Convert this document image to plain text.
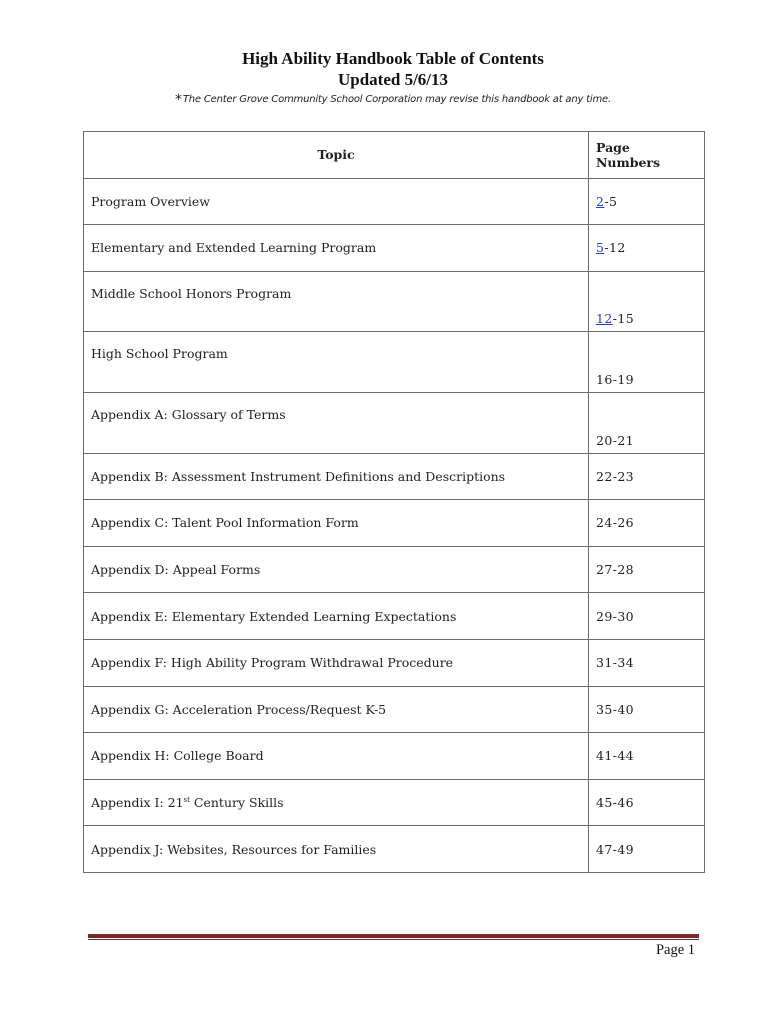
High Ability Handbook Table of Contents
Updated 5/6/13
*The Center Grove Community School Corporation may revise this handbook at any time.
Topic	Page Numbers
Program Overview	2-5
Elementary and Extended Learning Program	5-12
Middle School Honors Program	12-15
High School Program	16-19
Appendix A: Glossary of Terms	20-21
Appendix B: Assessment Instrument Definitions and Descriptions	22-23
Appendix C: Talent Pool Information Form	24-26
Appendix D: Appeal Forms	27-28
Appendix E: Elementary Extended Learning Expectations	29-30
Appendix F: High Ability Program Withdrawal Procedure	31-34
Appendix G: Acceleration Process/Request K-5	35-40
Appendix H: College Board	41-44
Appendix I: 21st Century Skills	45-46
Appendix J: Websites, Resources for Families	47-49
Page 1
